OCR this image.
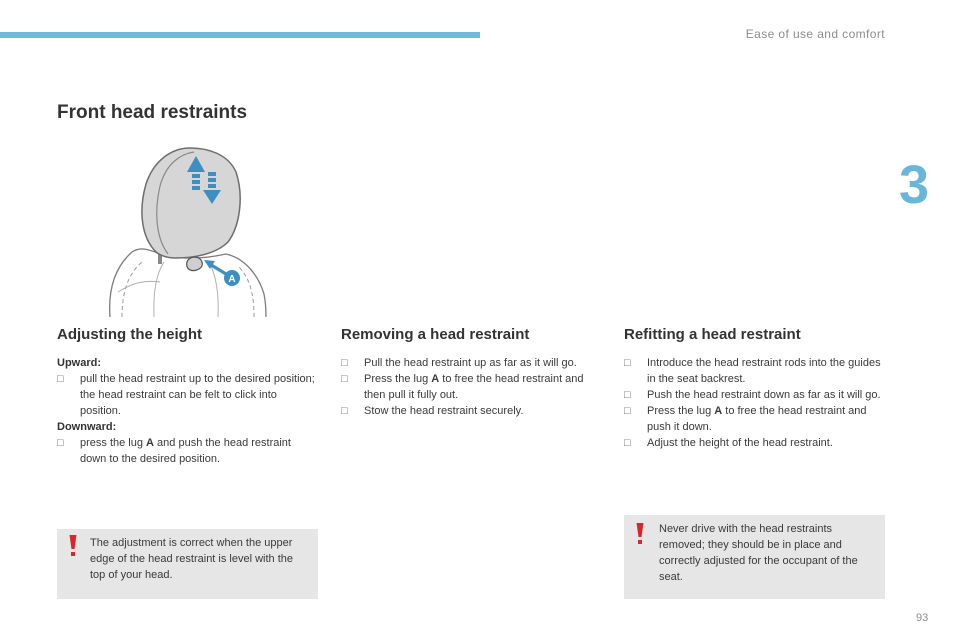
Ease of use and comfort
3
Front head restraints
A
Adjusting the height
Upward:
□ pull the head restraint up to the desired position; the head restraint can be felt to click into position.
Downward:
□ press the lug A and push the head restraint down to the desired position.
Removing a head restraint
□ Pull the head restraint up as far as it will go.
□ Press the lug A to free the head restraint and then pull it fully out.
□ Stow the head restraint securely.
Refitting a head restraint
□ Introduce the head restraint rods into the guides in the seat backrest.
□ Push the head restraint down as far as it will go.
□ Press the lug A to free the head restraint and push it down.
□ Adjust the height of the head restraint.
The adjustment is correct when the upper edge of the head restraint is level with the top of your head.
Never drive with the head restraints removed; they should be in place and correctly adjusted for the occupant of the seat.
93
